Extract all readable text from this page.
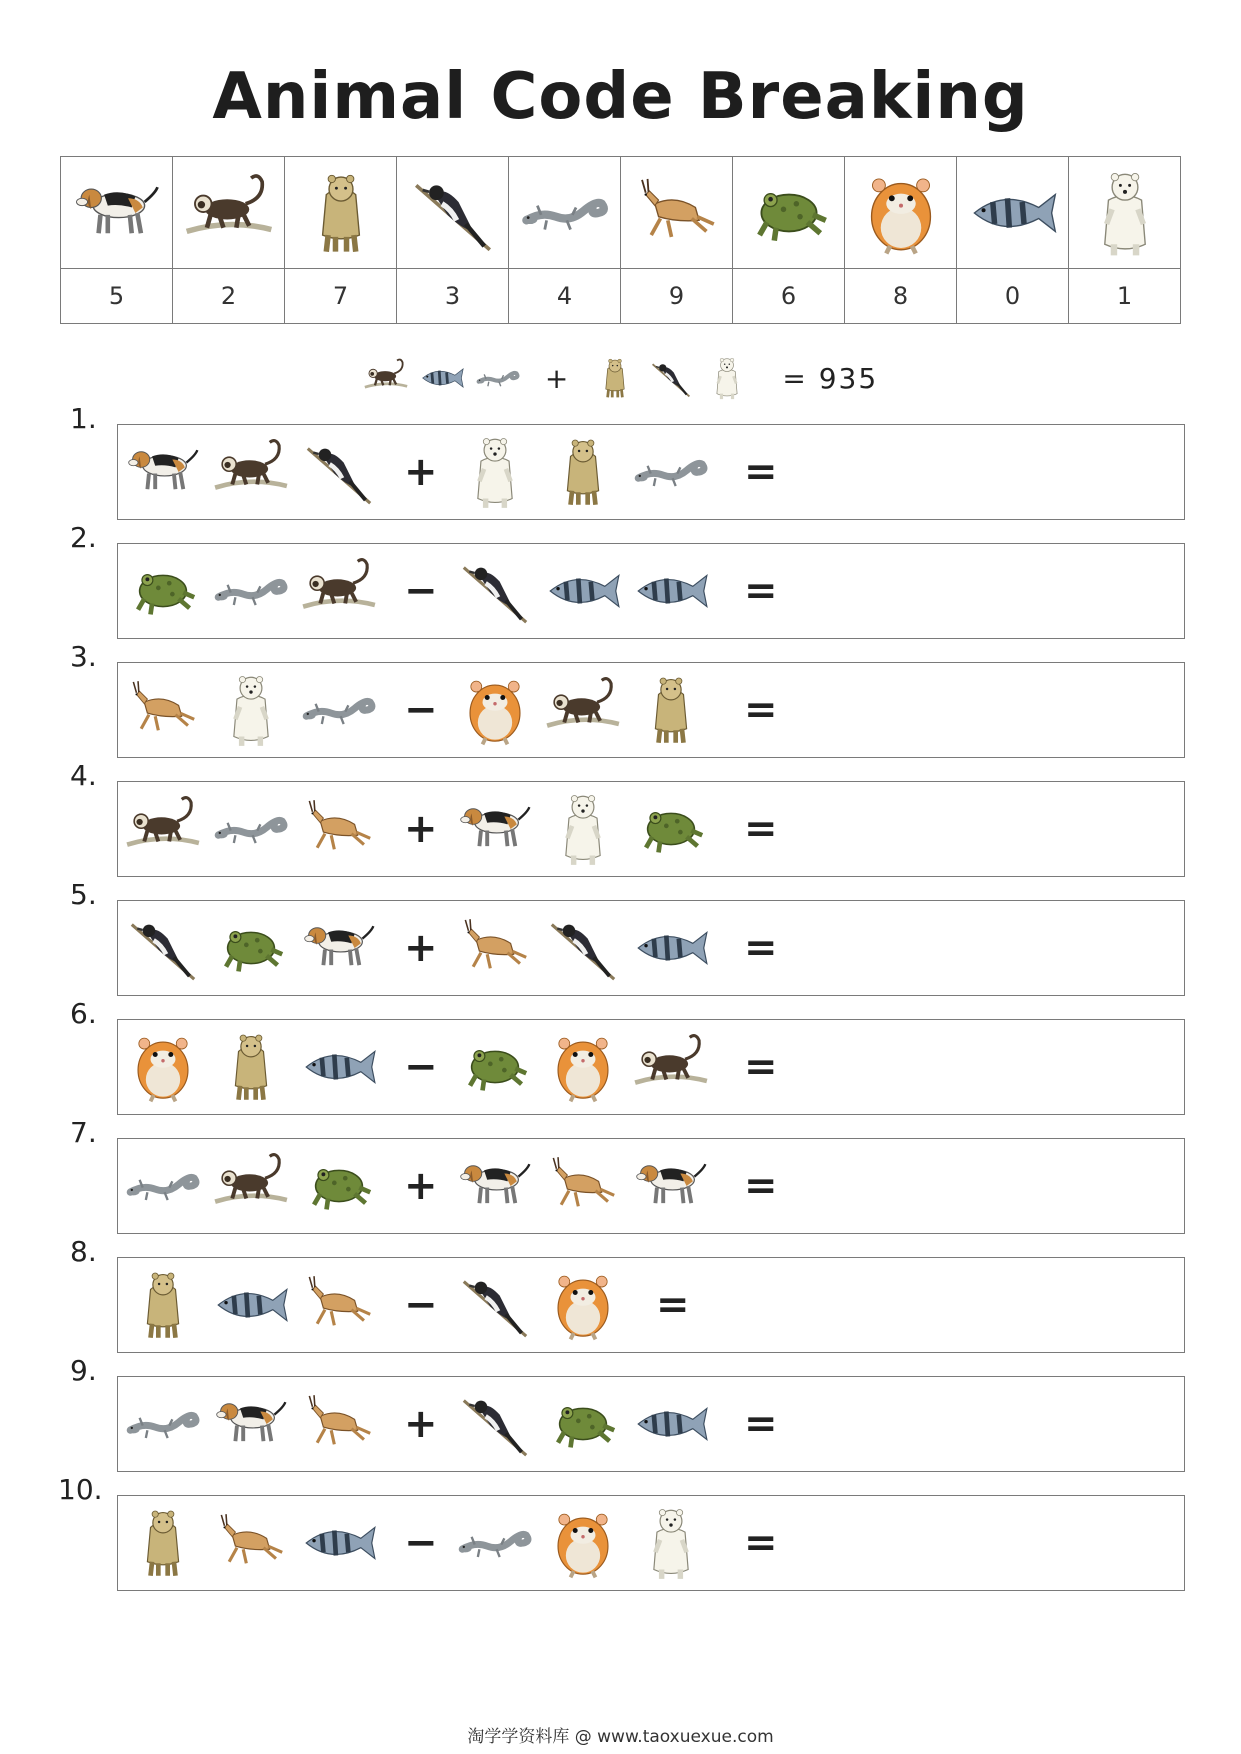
Animal Code Breaking

5	2	7	3	4	9	6	8	0	1
+	= 935
1.
+	=
2.
−	=
3.
−	=
4.
+	=
5.
+	=
6.
−	=
7.
+	=
8.
−	=
9.
+	=
10.
−	=
淘学学资料库 @ www.taoxuexue.com
